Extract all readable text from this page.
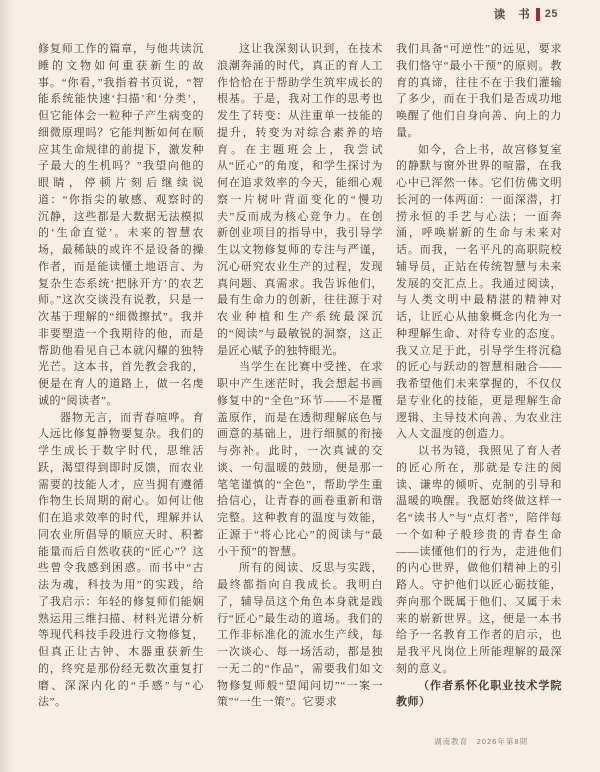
读 书 25

修复师工作的篇章，与他共读沉睡的文物如何重获新生的故事。“你看，”我指着书页说，“智能系统能快速‘扫描’和‘分类’，但它能体会一粒种子产生病变的细微原理吗？它能判断如何在顺应其生命规律的前提下，激发种子最大的生机吗？”我望向他的眼睛，停顿片刻后继续说道：“你指尖的敏感、观察时的沉静，这些都是大数据无法模拟的‘生命直觉’。未来的智慧农场，最稀缺的或许不是设备的操作者，而是能读懂土地语言、为复杂生态系统‘把脉开方’的农艺师。”这次交谈没有说教，只是一次基于理解的“细微擦拭”。我并非要塑造一个我期待的他，而是帮助他看见自己本就闪耀的独特光芒。这本书，首先教会我的，便是在育人的道路上，做一名虔诚的“阅读者”。

器物无言，而青春喧哗。育人远比修复静物要复杂。我们的学生成长于数字时代，思维活跃，渴望得到即时反馈，而农业需要的技能人才，应当拥有遵循作物生长周期的耐心。如何让他们在追求效率的时代，理解并认同农业所倡导的顺应天时、积蓄能量而后自然收获的“匠心”？这些曾令我感到困惑。而书中“古法为魂，科技为用”的实践，给了我启示：年轻的修复师们能娴熟运用三维扫描、材料光谱分析等现代科技手段进行文物修复，但真正让古钟、木器重获新生的，终究是那份经无数次重复打磨、深深内化的“手感”与“心法”。

这让我深刻认识到，在技术浪潮奔涌的时代，真正的育人工作恰恰在于帮助学生筑牢成长的根基。于是，我对工作的思考也发生了转变：从注重单一技能的提升，转变为对综合素养的培育。在主题班会上，我尝试从“匠心”的角度，和学生探讨为何在追求效率的今天，能细心观察一片树叶背面变化的“慢功夫”反而成为核心竞争力。在创新创业项目的指导中，我引导学生以文物修复师的专注与严谨，沉心研究农业生产的过程，发现真问题、真需求。我告诉他们，最有生命力的创新，往往源于对农业种植和生产系统最深沉的“阅读”与最敏锐的洞察，这正是匠心赋予的独特眼光。

当学生在比赛中受挫、在求职中产生迷茫时，我会想起书画修复中的“全色”环节——不是覆盖原作，而是在透彻理解底色与画意的基础上，进行细腻的衔接与弥补。此时，一次真诚的交谈、一句温暖的鼓励，便是那一笔笔谨慎的“全色”，帮助学生重拾信心，让青春的画卷重新和谐完整。这种教育的温度与效能，正源于“将心比心”的阅读与“最小干预”的智慧。

所有的阅读、反思与实践，最终都指向自我成长。我明白了，辅导员这个角色本身就是践行“匠心”最生动的道场。我们的工作非标准化的流水生产线，每一次谈心、每一场活动，都是独一无二的“作品”，需要我们如文物修复师般“望闻问切”“一案一策”“一生一策”。它要求

我们具备“可逆性”的远见，要求我们恪守“最小干预”的原则。教育的真谛，往往不在于我们灌输了多少，而在于我们是否成功地唤醒了他们自身向善、向上的力量。

如今，合上书，故宫修复室的静默与窗外世界的喧嚣，在我心中已浑然一体。它们仿佛文明长河的一体两面：一面深潜，打捞永恒的手艺与心法；一面奔涌，呼唤崭新的生命与未来对话。而我，一名平凡的高职院校辅导员，正站在传统智慧与未来发展的交汇点上。我通过阅读，与人类文明中最精湛的精神对话，让匠心从抽象概念内化为一种理解生命、对待专业的态度。我又立足于此，引导学生将沉稳的匠心与跃动的智慧相融合——我希望他们未来掌握的，不仅仅是专业化的技能，更是理解生命逻辑、主导技术向善、为农业注入人文温度的创造力。

以书为镜，我照见了育人者的匠心所在，那就是专注的阅读、谦卑的倾听、克制的引导和温暖的唤醒。我愿始终做这样一名“读书人”与“点灯者”，陪伴每一个如种子般珍贵的青春生命——读懂他们的行为，走进他们的内心世界，做他们精神上的引路人。守护他们以匠心砺技能，奔向那个既属于他们、又属于未来的崭新世界。这，便是一本书给予一名教育工作者的启示，也是我平凡岗位上所能理解的最深刻的意义。

（作者系怀化职业技术学院教师）

湖南教育　2026年第8期
